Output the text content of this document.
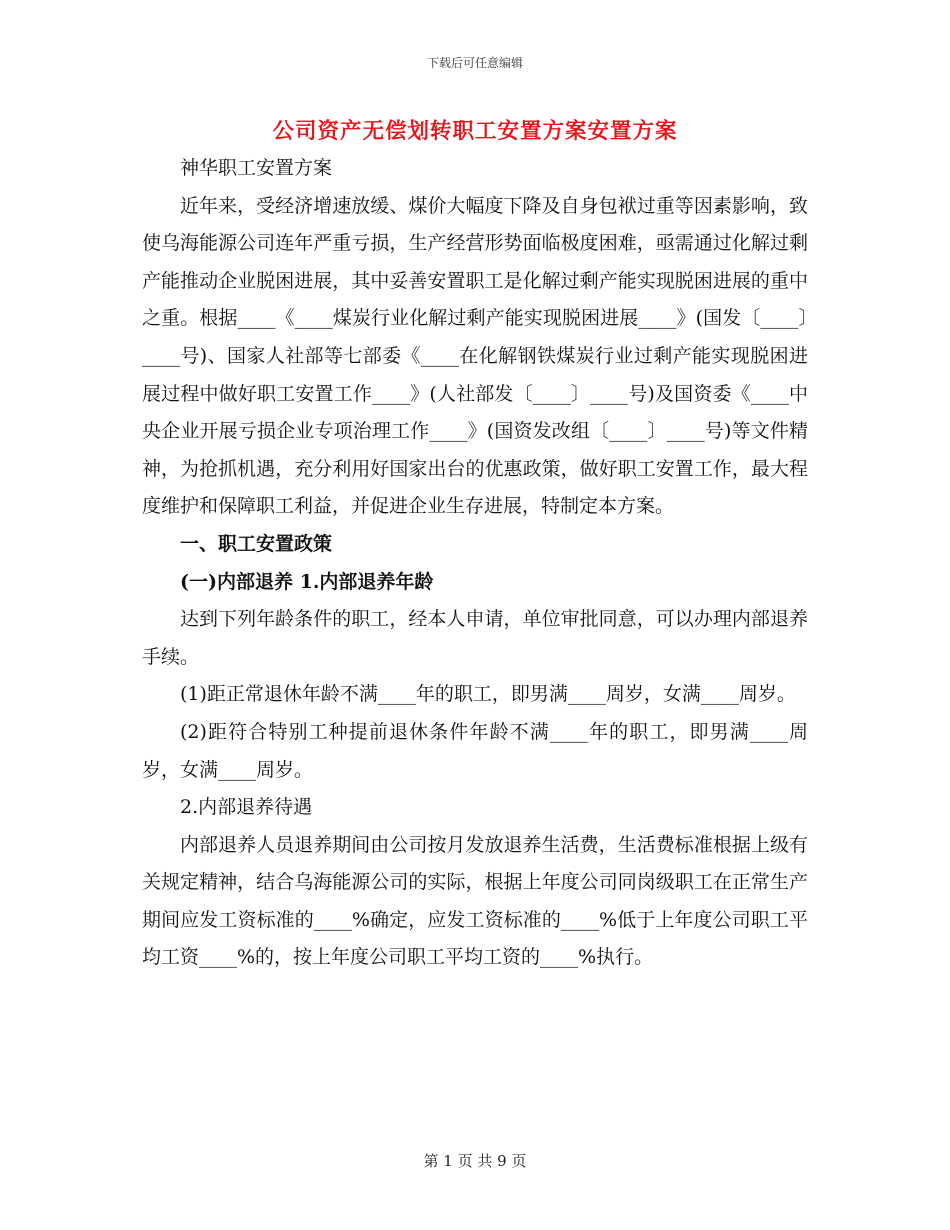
下载后可任意编辑
公司资产无偿划转职工安置方案安置方案

神华职工安置方案

近年来，受经济增速放缓、煤价大幅度下降及自身包袱过重等因素影响，致使乌海能源公司连年严重亏损，生产经营形势面临极度困难，亟需通过化解过剩产能推动企业脱困进展，其中妥善安置职工是化解过剩产能实现脱困进展的重中之重。根据____《____煤炭行业化解过剩产能实现脱困进展____》(国发〔____〕____号)、国家人社部等七部委《____在化解钢铁煤炭行业过剩产能实现脱困进展过程中做好职工安置工作____》(人社部发〔____〕____号)及国资委《____中央企业开展亏损企业专项治理工作____》(国资发改组〔____〕____号)等文件精神，为抢抓机遇，充分利用好国家出台的优惠政策，做好职工安置工作，最大程度维护和保障职工利益，并促进企业生存进展，特制定本方案。

一、职工安置政策

(一)内部退养 1.内部退养年龄

达到下列年龄条件的职工，经本人申请，单位审批同意，可以办理内部退养手续。

(1)距正常退休年龄不满____年的职工，即男满____周岁，女满____周岁。

(2)距符合特别工种提前退休条件年龄不满____年的职工，即男满____周岁，女满____周岁。

2.内部退养待遇

内部退养人员退养期间由公司按月发放退养生活费，生活费标准根据上级有关规定精神，结合乌海能源公司的实际，根据上年度公司同岗级职工在正常生产期间应发工资标准的____%确定，应发工资标准的____%低于上年度公司职工平均工资____%的，按上年度公司职工平均工资的____%执行。

第 1 页 共 9 页
